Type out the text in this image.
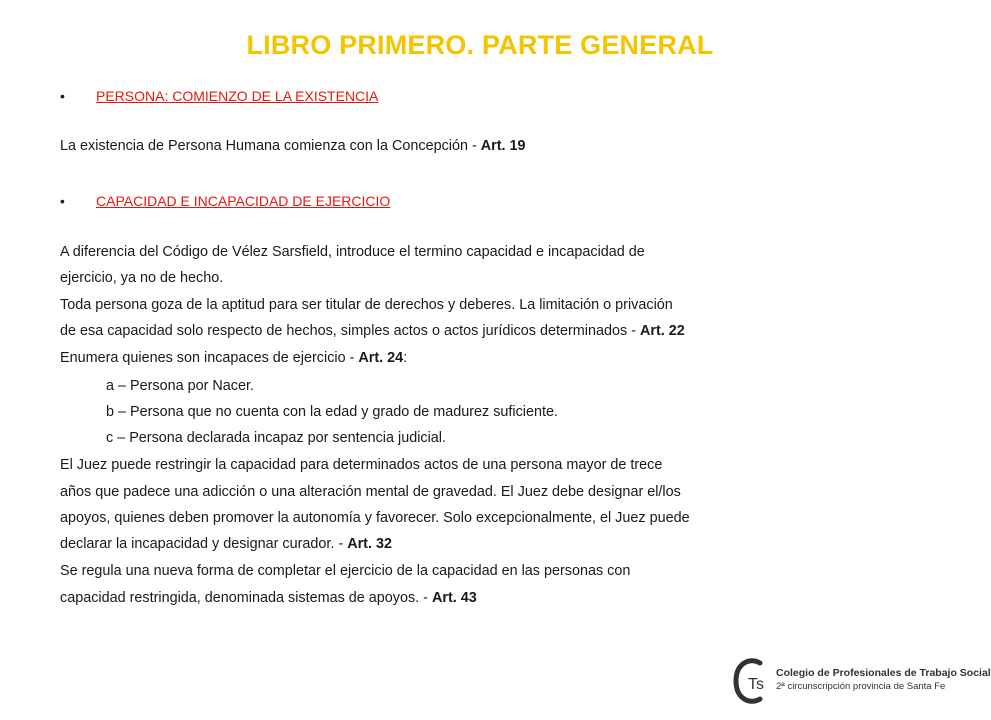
LIBRO PRIMERO. PARTE GENERAL
• PERSONA: COMIENZO DE LA EXISTENCIA
La existencia de Persona Humana comienza con la Concepción - Art. 19
• CAPACIDAD E INCAPACIDAD DE EJERCICIO
A diferencia del Código de Vélez Sarsfield, introduce el termino capacidad e incapacidad de
ejercicio, ya no de hecho.
Toda persona goza de la aptitud para ser titular de derechos y deberes. La limitación o privación
de esa capacidad solo respecto de hechos, simples actos o actos jurídicos determinados - Art. 22
Enumera quienes son incapaces de ejercicio - Art. 24:
a – Persona por Nacer.
b – Persona que no cuenta con la edad y grado de madurez suficiente.
c – Persona declarada incapaz por sentencia judicial.
El Juez puede restringir la capacidad para determinados actos de una persona mayor de trece
años que padece una adicción o una alteración mental de gravedad. El Juez debe designar el/los
apoyos, quienes deben promover la autonomía y favorecer. Solo excepcionalmente, el Juez puede
declarar la incapacidad y designar curador. - Art. 32
Se regula una nueva forma de completar el ejercicio de la capacidad en las personas con
capacidad restringida, denominada sistemas de apoyos. - Art. 43
Ts
Colegio de Profesionales de Trabajo Social
2ª circunscripción provincia de Santa Fe
